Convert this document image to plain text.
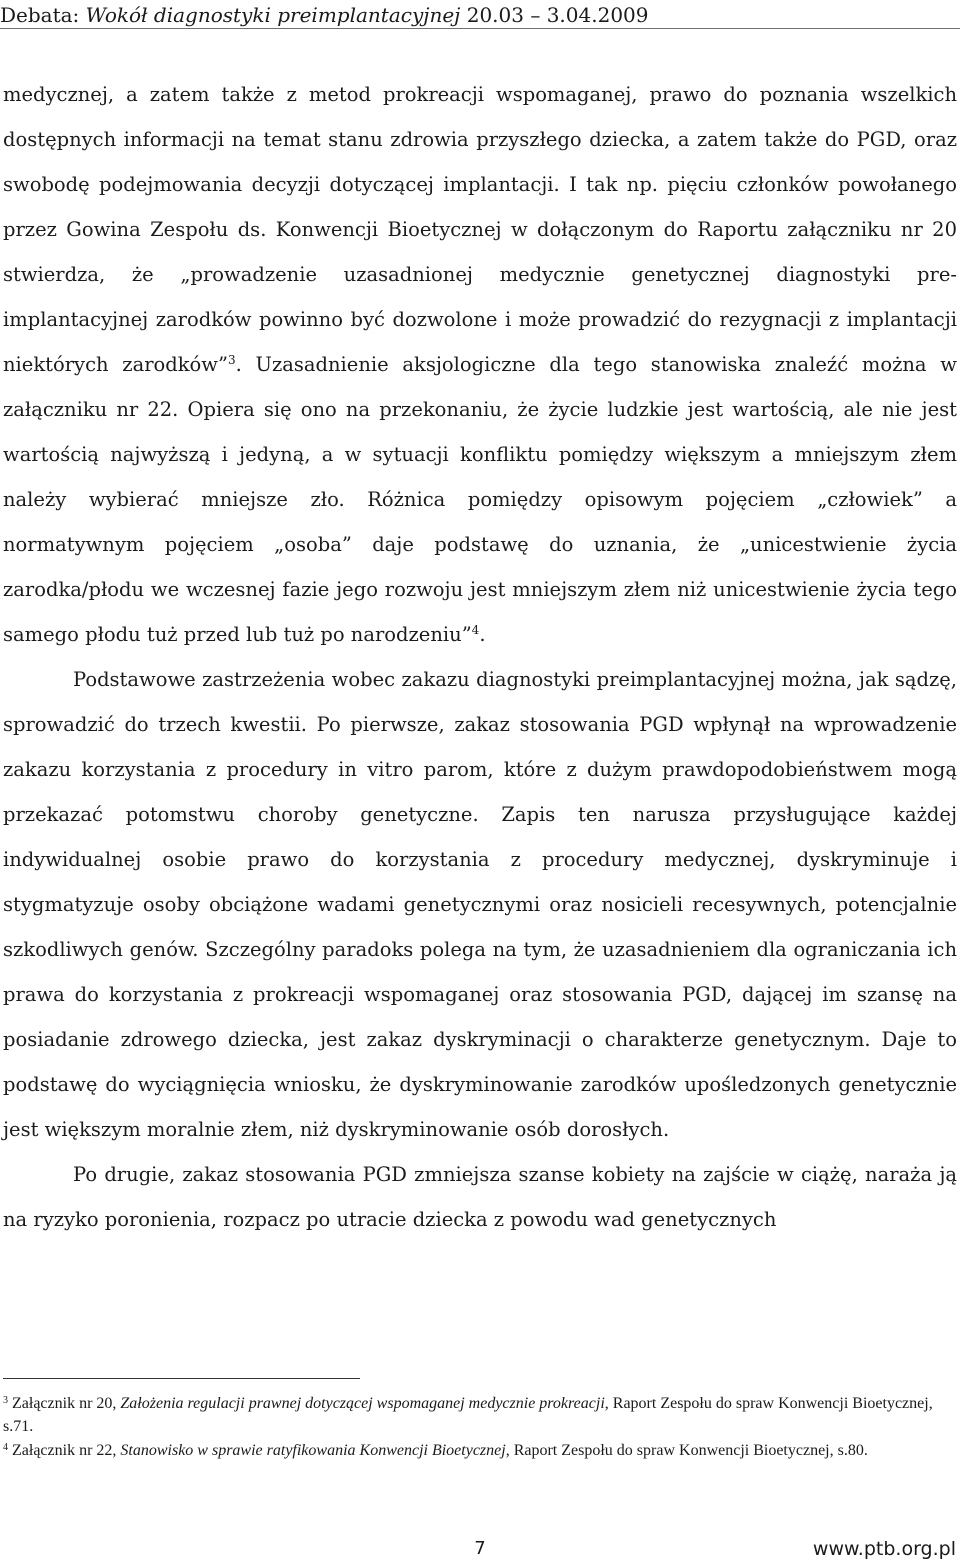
Debata: Wokół diagnostyki preimplantacyjnej 20.03 – 3.04.2009

medycznej, a zatem także z metod prokreacji wspomaganej, prawo do poznania wszelkich dostępnych informacji na temat stanu zdrowia przyszłego dziecka, a zatem także do PGD, oraz swobodę podejmowania decyzji dotyczącej implantacji. I tak np. pięciu członków powołanego przez Gowina Zespołu ds. Konwencji Bioetycznej w dołączonym do Raportu załączniku nr 20 stwierdza, że „prowadzenie uzasadnionej medycznie genetycznej diagnostyki pre-implantacyjnej zarodków powinno być dozwolone i może prowadzić do rezygnacji z implantacji niektórych zarodków”$^3$. Uzasadnienie aksjologiczne dla tego stanowiska znaleźć można w załączniku nr 22. Opiera się ono na przekonaniu, że życie ludzkie jest wartością, ale nie jest wartością najwyższą i jedyną, a w sytuacji konfliktu pomiędzy większym a mniejszym złem należy wybierać mniejsze zło. Różnica pomiędzy opisowym pojęciem „człowiek” a normatywnym pojęciem „osoba” daje podstawę do uznania, że „unicestwienie życia zarodka/płodu we wczesnej fazie jego rozwoju jest mniejszym złem niż unicestwienie życia tego samego płodu tuż przed lub tuż po narodzeniu”$^4$.

Podstawowe zastrzeżenia wobec zakazu diagnostyki preimplantacyjnej można, jak sądzę, sprowadzić do trzech kwestii. Po pierwsze, zakaz stosowania PGD wpłynął na wprowadzenie zakazu korzystania z procedury in vitro parom, które z dużym prawdopodobieństwem mogą przekazać potomstwu choroby genetyczne. Zapis ten narusza przysługujące każdej indywidualnej osobie prawo do korzystania z procedury medycznej, dyskryminuje i stygmatyzuje osoby obciążone wadami genetycznymi oraz nosicieli recesywnych, potencjalnie szkodliwych genów. Szczególny paradoks polega na tym, że uzasadnieniem dla ograniczania ich prawa do korzystania z prokreacji wspomaganej oraz stosowania PGD, dającej im szansę na posiadanie zdrowego dziecka, jest zakaz dyskryminacji o charakterze genetycznym. Daje to podstawę do wyciągnięcia wniosku, że dyskryminowanie zarodków upośledzonych genetycznie jest większym moralnie złem, niż dyskryminowanie osób dorosłych.

Po drugie, zakaz stosowania PGD zmniejsza szanse kobiety na zajście w ciążę, naraża ją na ryzyko poronienia, rozpacz po utracie dziecka z powodu wad genetycznych

$^3$ Załącznik nr 20, Założenia regulacji prawnej dotyczącej wspomaganej medycznie prokreacji, Raport Zespołu do spraw Konwencji Bioetycznej, s.71.

$^4$ Załącznik nr 22, Stanowisko w sprawie ratyfikowania Konwencji Bioetycznej, Raport Zespołu do spraw Konwencji Bioetycznej, s.80.

7	www.ptb.org.pl
